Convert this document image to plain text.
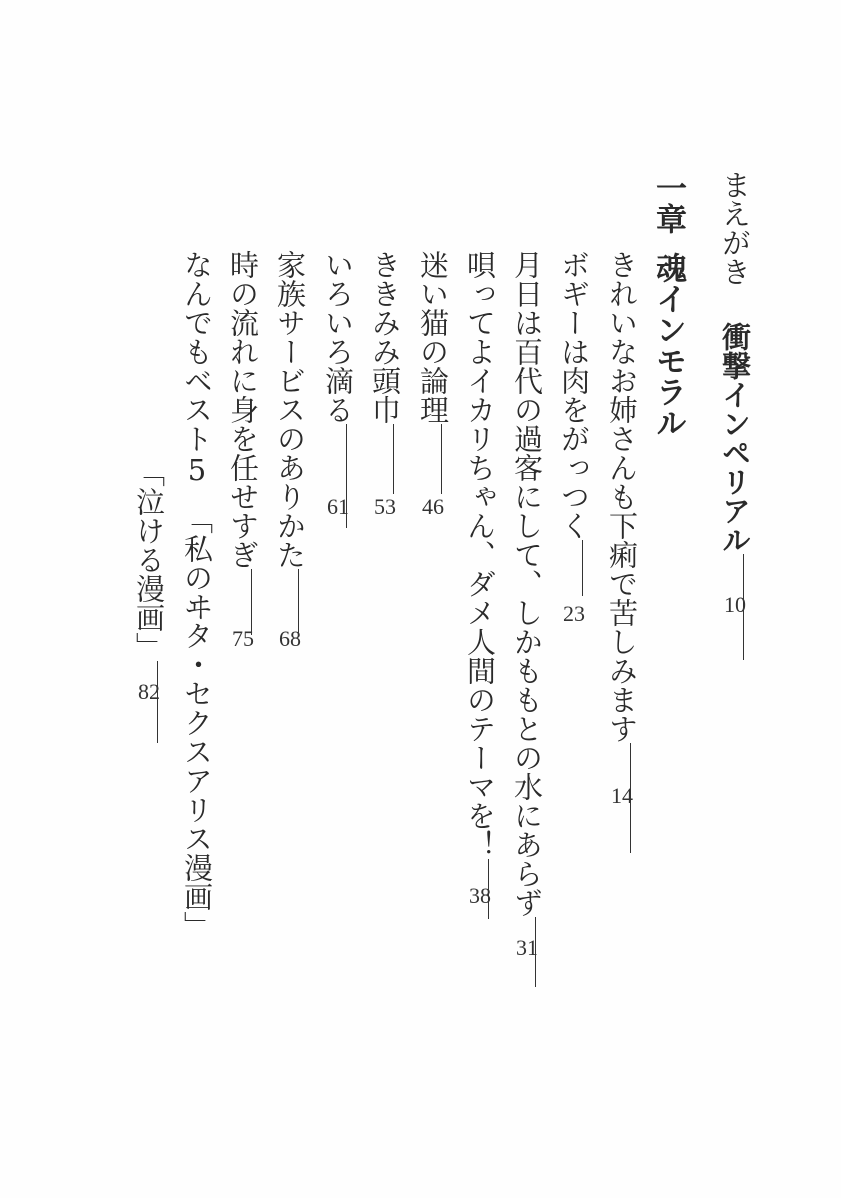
まえがき衝撃インペリアル
10
一章魂インモラル
きれいなお姉さんも下痢で苦しみます
14
ボギーは肉をがっつく
23
月日は百代の過客にして、しかももとの水にあらず
31
唄ってよイカリちゃん、ダメ人間のテーマを！
38
迷い猫の論理
46
ききみみ頭巾
53
いろいろ滴る
61
家族サービスのありかた
68
時の流れに身を任せすぎ
75
なんでもベスト5「私のヰタ・セクスアリス漫画」
「泣ける漫画」
82
